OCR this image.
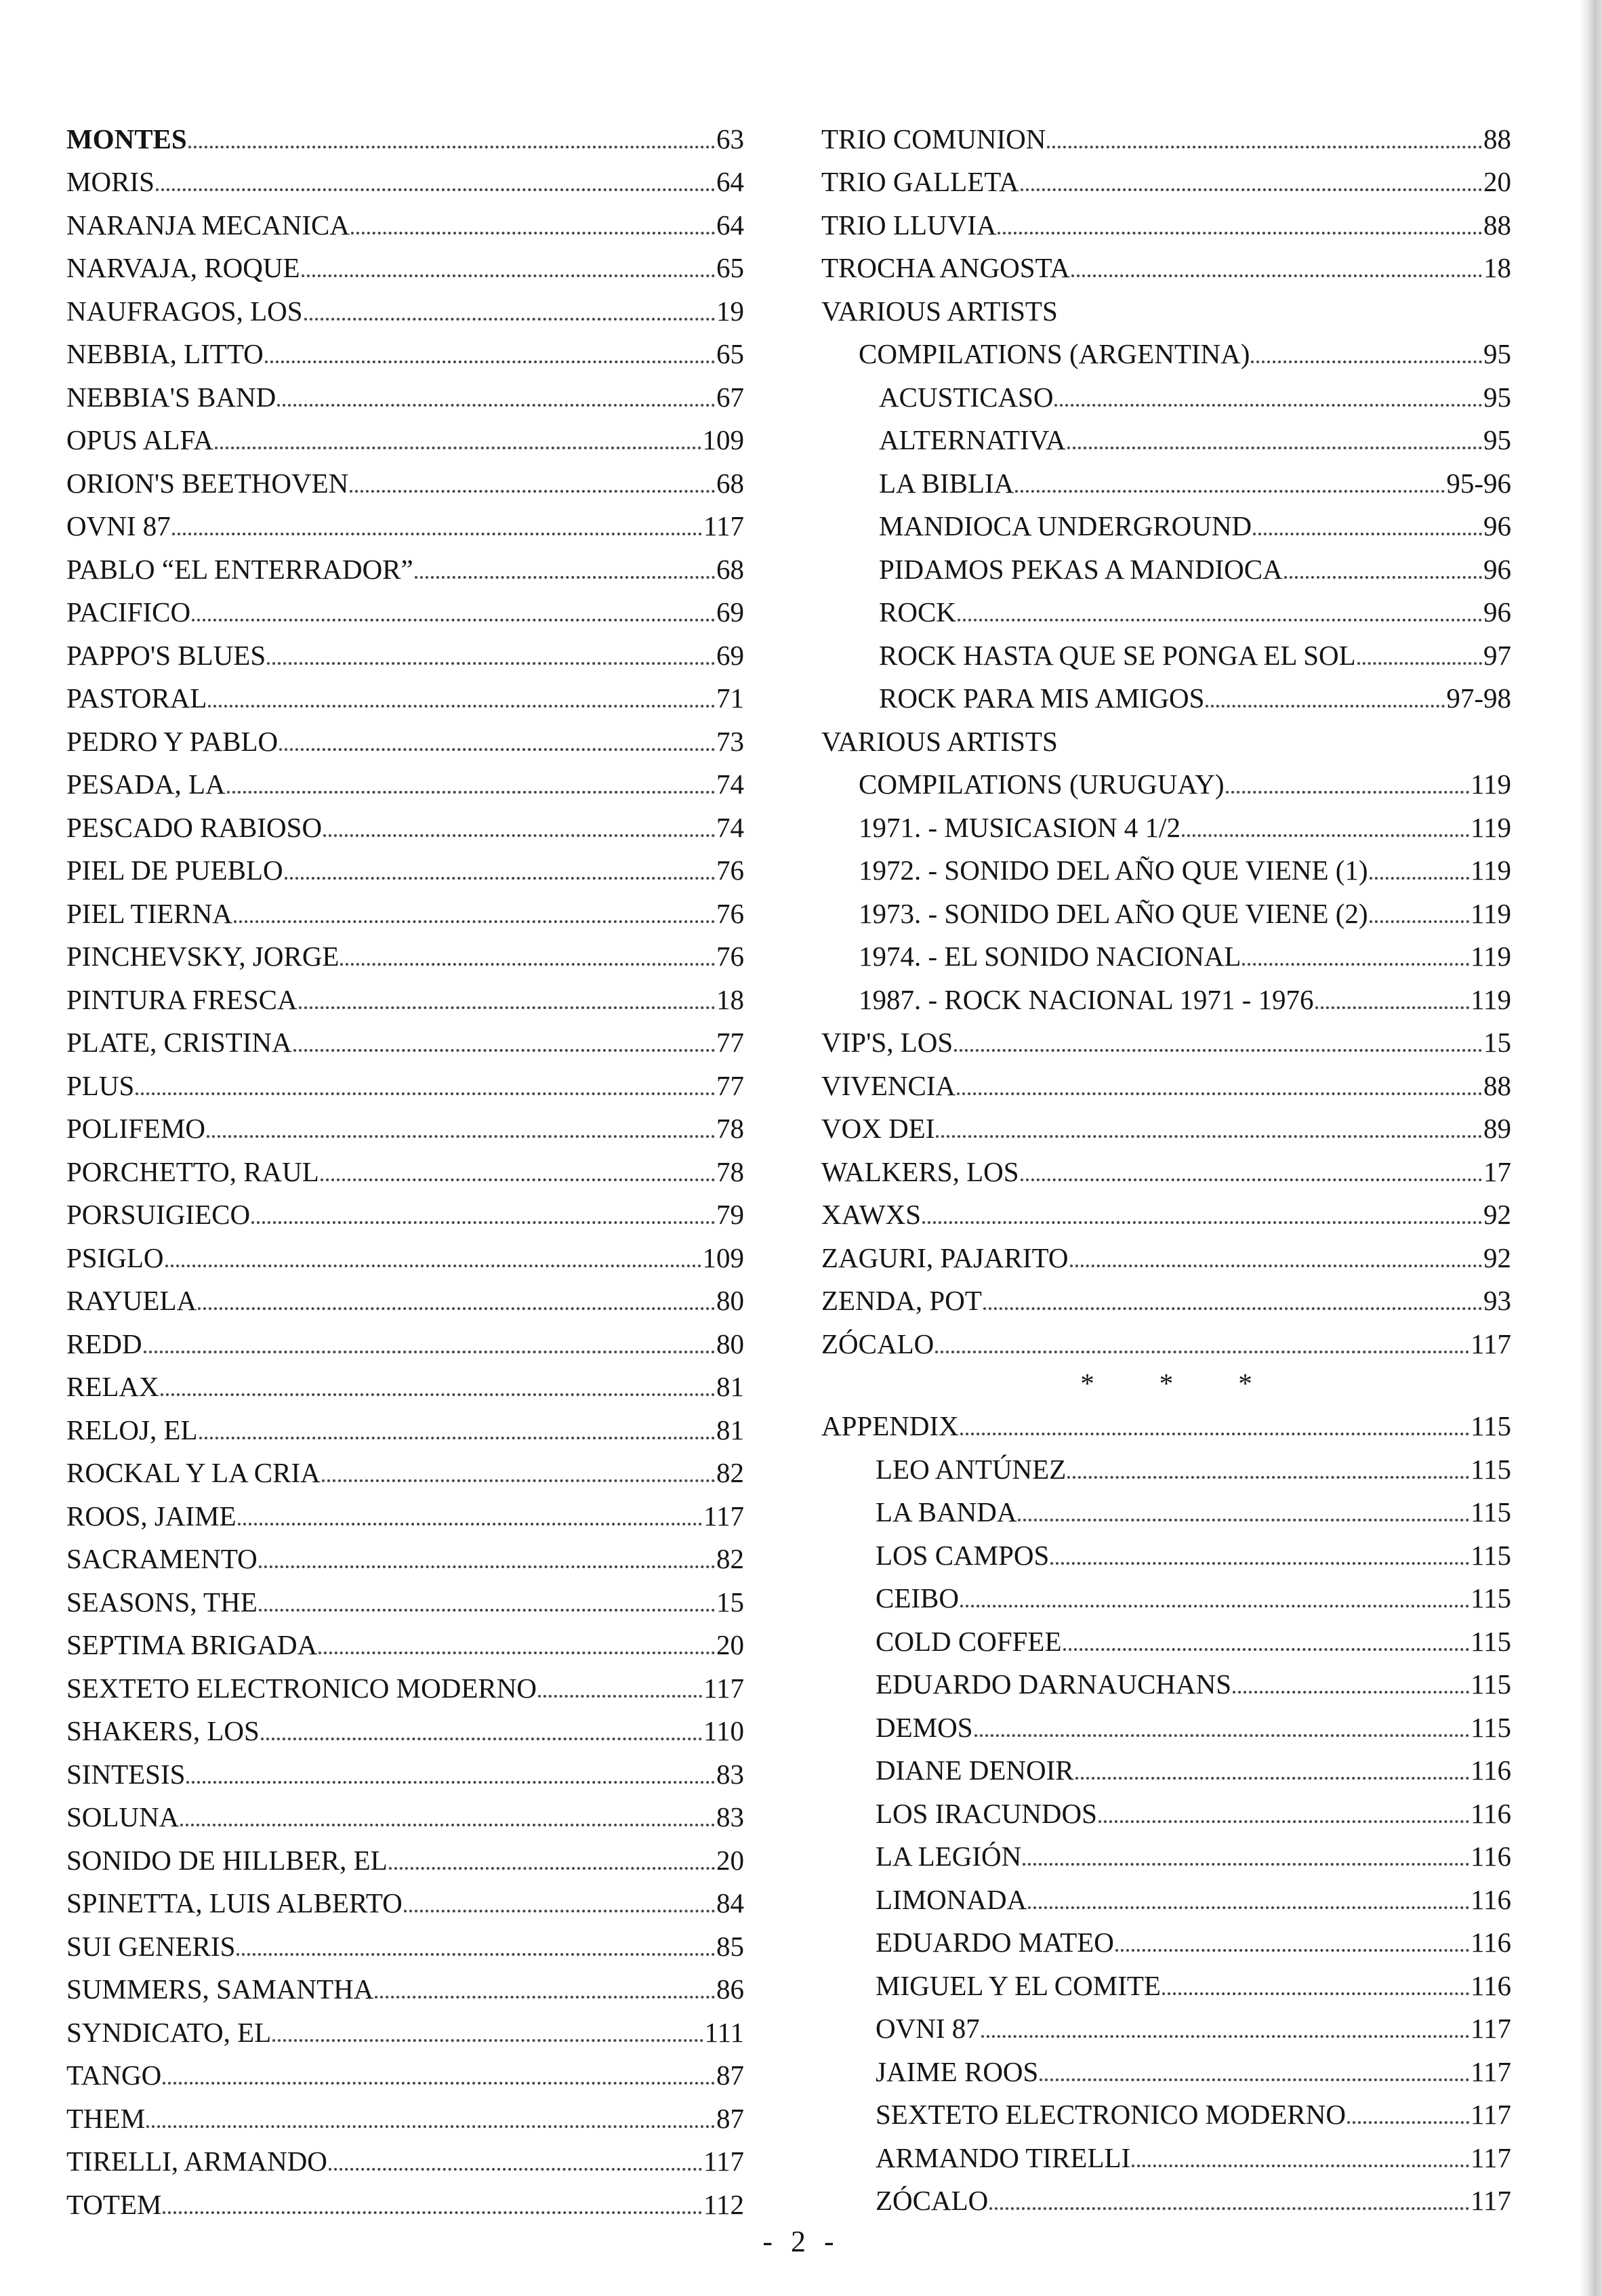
MONTES	63
MORIS	64
NARANJA MECANICA	64
NARVAJA, ROQUE	65
NAUFRAGOS, LOS	19
NEBBIA, LITTO	65
NEBBIA'S BAND	67
OPUS ALFA	109
ORION'S BEETHOVEN	68
OVNI 87	117
PABLO “EL ENTERRADOR”	68
PACIFICO	69
PAPPO'S BLUES	69
PASTORAL	71
PEDRO Y PABLO	73
PESADA, LA	74
PESCADO RABIOSO	74
PIEL DE PUEBLO	76
PIEL TIERNA	76
PINCHEVSKY, JORGE	76
PINTURA FRESCA	18
PLATE, CRISTINA	77
PLUS	77
POLIFEMO	78
PORCHETTO, RAUL	78
PORSUIGIECO	79
PSIGLO	109
RAYUELA	80
REDD	80
RELAX	81
RELOJ, EL	81
ROCKAL Y LA CRIA	82
ROOS, JAIME	117
SACRAMENTO	82
SEASONS, THE	15
SEPTIMA BRIGADA	20
SEXTETO ELECTRONICO MODERNO	117
SHAKERS, LOS	110
SINTESIS	83
SOLUNA	83
SONIDO DE HILLBER, EL	20
SPINETTA, LUIS ALBERTO	84
SUI GENERIS	85
SUMMERS, SAMANTHA	86
SYNDICATO, EL	111
TANGO	87
THEM	87
TIRELLI, ARMANDO	117
TOTEM	112
TRIO COMUNION	88
TRIO GALLETA	20
TRIO LLUVIA	88
TROCHA ANGOSTA	18
VARIOUS ARTISTS
COMPILATIONS (ARGENTINA)	95
ACUSTICASO	95
ALTERNATIVA	95
LA BIBLIA	95-96
MANDIOCA UNDERGROUND	96
PIDAMOS PEKAS A MANDIOCA	96
ROCK	96
ROCK HASTA QUE SE PONGA EL SOL	97
ROCK PARA MIS AMIGOS	97-98
VARIOUS ARTISTS
COMPILATIONS (URUGUAY)	119
1971. - MUSICASION 4 1/2	119
1972. - SONIDO DEL AÑO QUE VIENE (1)	119
1973. - SONIDO DEL AÑO QUE VIENE (2)	119
1974. - EL SONIDO NACIONAL	119
1987. - ROCK NACIONAL 1971 - 1976	119
VIP'S, LOS	15
VIVENCIA	88
VOX DEI	89
WALKERS, LOS	17
XAWXS	92
ZAGURI, PAJARITO	92
ZENDA, POT	93
ZÓCALO	117
* * *
APPENDIX	115
LEO ANTÚNEZ	115
LA BANDA	115
LOS CAMPOS	115
CEIBO	115
COLD COFFEE	115
EDUARDO DARNAUCHANS	115
DEMOS	115
DIANE DENOIR	116
LOS IRACUNDOS	116
LA LEGIÓN	116
LIMONADA	116
EDUARDO MATEO	116
MIGUEL Y EL COMITE	116
OVNI 87	117
JAIME ROOS	117
SEXTETO ELECTRONICO MODERNO	117
ARMANDO TIRELLI	117
ZÓCALO	117
- 2 -
